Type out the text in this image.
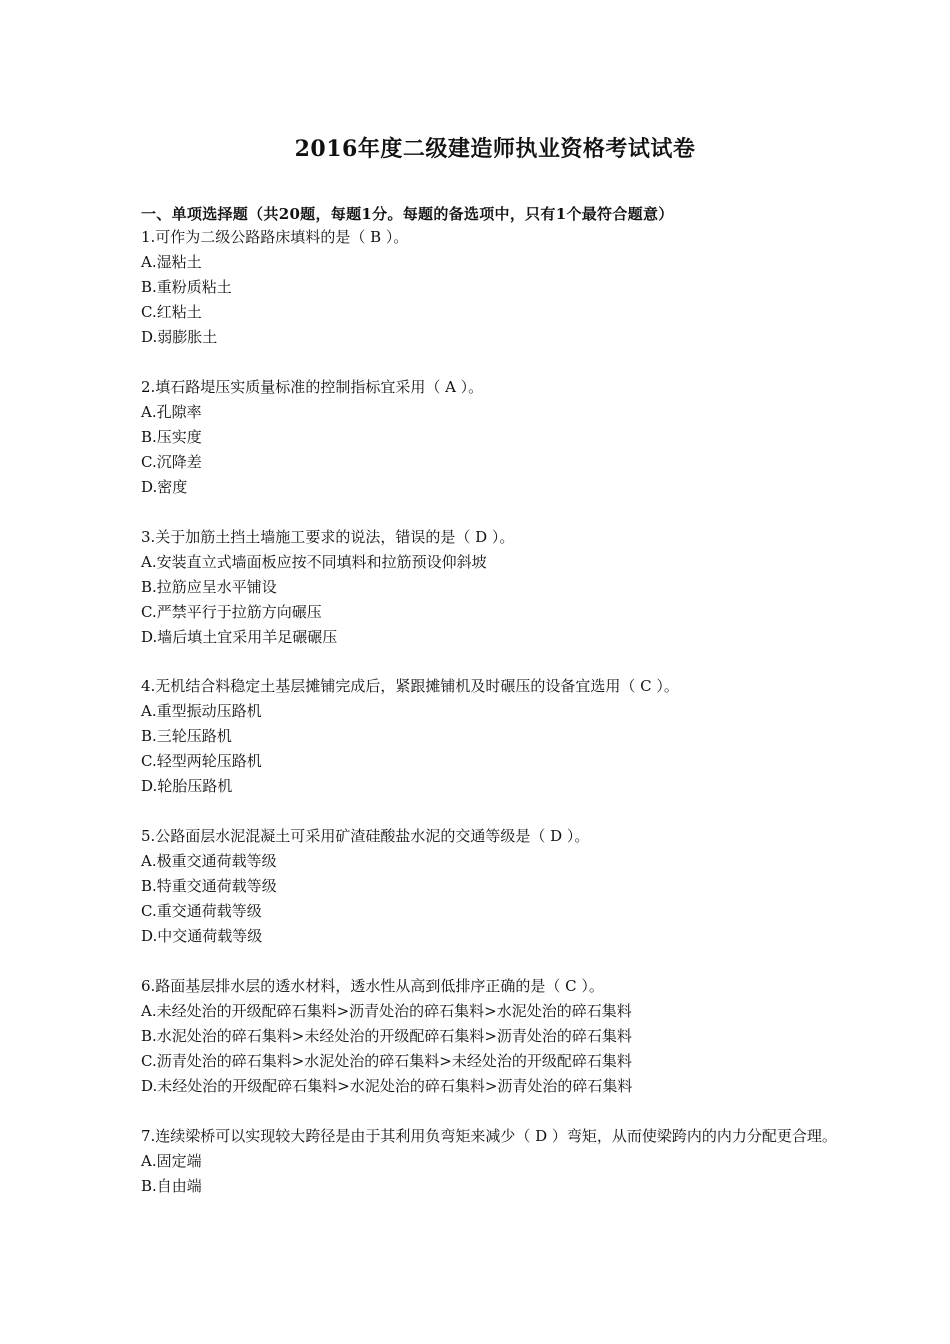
2016年度二级建造师执业资格考试试卷
一、单项选择题（共20题，每题1分。每题的备选项中，只有1个最符合题意）
1.可作为二级公路路床填料的是（ B ）。
A.湿粘土
B.重粉质粘土
C.红粘土
D.弱膨胀土
2.填石路堤压实质量标准的控制指标宜采用（ A ）。
A.孔隙率
B.压实度
C.沉降差
D.密度
3.关于加筋土挡土墙施工要求的说法，错误的是（ D ）。
A.安装直立式墙面板应按不同填料和拉筋预设仰斜坡
B.拉筋应呈水平铺设
C.严禁平行于拉筋方向碾压
D.墙后填土宜采用羊足碾碾压
4.无机结合料稳定土基层摊铺完成后，紧跟摊铺机及时碾压的设备宜选用（ C ）。
A.重型振动压路机
B.三轮压路机
C.轻型两轮压路机
D.轮胎压路机
5.公路面层水泥混凝土可采用矿渣硅酸盐水泥的交通等级是（ D ）。
A.极重交通荷载等级
B.特重交通荷载等级
C.重交通荷载等级
D.中交通荷载等级
6.路面基层排水层的透水材料，透水性从高到低排序正确的是（ C ）。
A.未经处治的开级配碎石集料>沥青处治的碎石集料>水泥处治的碎石集料
B.水泥处治的碎石集料>未经处治的开级配碎石集料>沥青处治的碎石集料
C.沥青处治的碎石集料>水泥处治的碎石集料>未经处治的开级配碎石集料
D.未经处治的开级配碎石集料>水泥处治的碎石集料>沥青处治的碎石集料
7.连续梁桥可以实现较大跨径是由于其利用负弯矩来减少（ D ）弯矩，从而使梁跨内的内力分配更合理。
A.固定端
B.自由端
